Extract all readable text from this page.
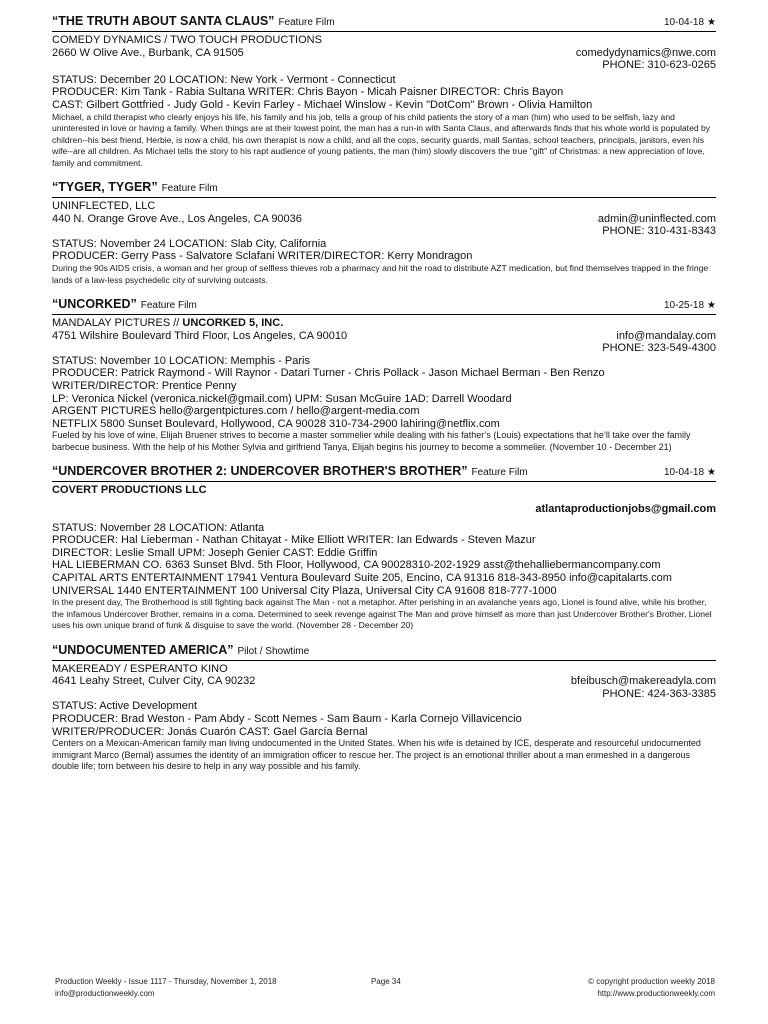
“THE TRUTH ABOUT SANTA CLAUS” Feature Film	10-04-18 ★
COMEDY DYNAMICS / TWO TOUCH PRODUCTIONS
2660 W Olive Ave., Burbank, CA 91505	comedydynamics@nwe.com
PHONE: 310-623-0265
STATUS: December 20 LOCATION: New York - Vermont - Connecticut
PRODUCER: Kim Tank - Rabia Sultana WRITER: Chris Bayon - Micah Paisner DIRECTOR: Chris Bayon
CAST: Gilbert Gottfried - Judy Gold - Kevin Farley - Michael Winslow - Kevin "DotCom" Brown - Olivia Hamilton
Michael, a child therapist who clearly enjoys his life, his family and his job, tells a group of his child patients the story of a man (him) who used to be selfish, lazy and uninterested in love or having a family. When things are at their lowest point, the man has a run-in with Santa Claus, and afterwards finds that his whole world is populated by children--his best friend, Herbie, is now a child, his own therapist is now a child, and all the cops, security guards, mall Santas, school teachers, principals, janitors, even his wife--are all children. As Michael tells the story to his rapt audience of young patients, the man (him) slowly discovers the true "gift" of Christmas: a new appreciation of love, family and commitment.
“TYGER, TYGER” Feature Film
UNINFLECTED, LLC
440 N. Orange Grove Ave., Los Angeles, CA 90036	admin@uninflected.com
PHONE: 310-431-8343
STATUS: November 24 LOCATION: Slab City, California
PRODUCER: Gerry Pass - Salvatore Sclafani WRITER/DIRECTOR: Kerry Mondragon
During the 90s AIDS crisis, a woman and her group of selfless thieves rob a pharmacy and hit the road to distribute AZT medication, but find themselves trapped in the fringe lands of a law-less psychedelic city of surviving outcasts.
“UNCORKED” Feature Film	10-25-18 ★
MANDALAY PICTURES // UNCORKED 5, INC.
4751 Wilshire Boulevard Third Floor, Los Angeles, CA 90010	info@mandalay.com
PHONE: 323-549-4300
STATUS: November 10 LOCATION: Memphis - Paris
PRODUCER: Patrick Raymond - Will Raynor - Datari Turner - Chris Pollack - Jason Michael Berman - Ben Renzo
WRITER/DIRECTOR: Prentice Penny
LP: Veronica Nickel (veronica.nickel@gmail.com) UPM: Susan McGuire 1AD: Darrell Woodard
ARGENT PICTURES hello@argentpictures.com / hello@argent-media.com
NETFLIX 5800 Sunset Boulevard, Hollywood, CA 90028 310-734-2900 lahiring@netflix.com
Fueled by his love of wine, Elijah Bruener strives to become a master sommelier while dealing with his father’s (Louis) expectations that he’ll take over the family barbecue business. With the help of his Mother Sylvia and girlfriend Tanya, Elijah begins his journey to become a sommelier. (November 10 - December 21)
“UNDERCOVER BROTHER 2: UNDERCOVER BROTHER'S BROTHER” Feature Film	10-04-18 ★
COVERT PRODUCTIONS LLC
atlantaproductionjobs@gmail.com
STATUS: November 28 LOCATION: Atlanta
PRODUCER: Hal Lieberman - Nathan Chitayat - Mike Elliott WRITER: Ian Edwards - Steven Mazur
DIRECTOR: Leslie Small UPM: Joseph Genier CAST: Eddie Griffin
HAL LIEBERMAN CO. 6363 Sunset Blvd. 5th Floor, Hollywood, CA 90028310-202-1929 asst@thehalliebermancompany.com
CAPITAL ARTS ENTERTAINMENT 17941 Ventura Boulevard Suite 205, Encino, CA 91316 818-343-8950 info@capitalarts.com
UNIVERSAL 1440 ENTERTAINMENT 100 Universal City Plaza, Universal City CA 91608 818-777-1000
In the present day, The Brotherhood is still fighting back against The Man - not a metaphor. After perishing in an avalanche years ago, Lionel is found alive, while his brother, the infamous Undercover Brother, remains in a coma. Determined to seek revenge against The Man and prove himself as more than just Undercover Brother's Brother, Lionel uses his own unique brand of funk & disguise to save the world. (November 28 - December 20)
“UNDOCUMENTED AMERICA” Pilot / Showtime
MAKEREADY / ESPERANTO KINO
4641 Leahy Street, Culver City, CA 90232	bfeibusch@makereadyla.com
PHONE: 424-363-3385
STATUS: Active Development
PRODUCER: Brad Weston - Pam Abdy - Scott Nemes - Sam Baum - Karla Cornejo Villavicencio
WRITER/PRODUCER: Jonás Cuarón CAST: Gael García Bernal
Centers on a Mexican-American family man living undocumented in the United States. When his wife is detained by ICE, desperate and resourceful undocumented immigrant Marco (Bernal) assumes the identity of an immigration officer to rescue her. The project is an emotional thriller about a man enmeshed in a dangerous double life; torn between his desire to help in any way possible and his family.
Production Weekly - Issue 1117 - Thursday, November 1, 2018
info@productionweekly.com
Page 34	© copyright production weekly 2018
http://www.productionweekly.com
